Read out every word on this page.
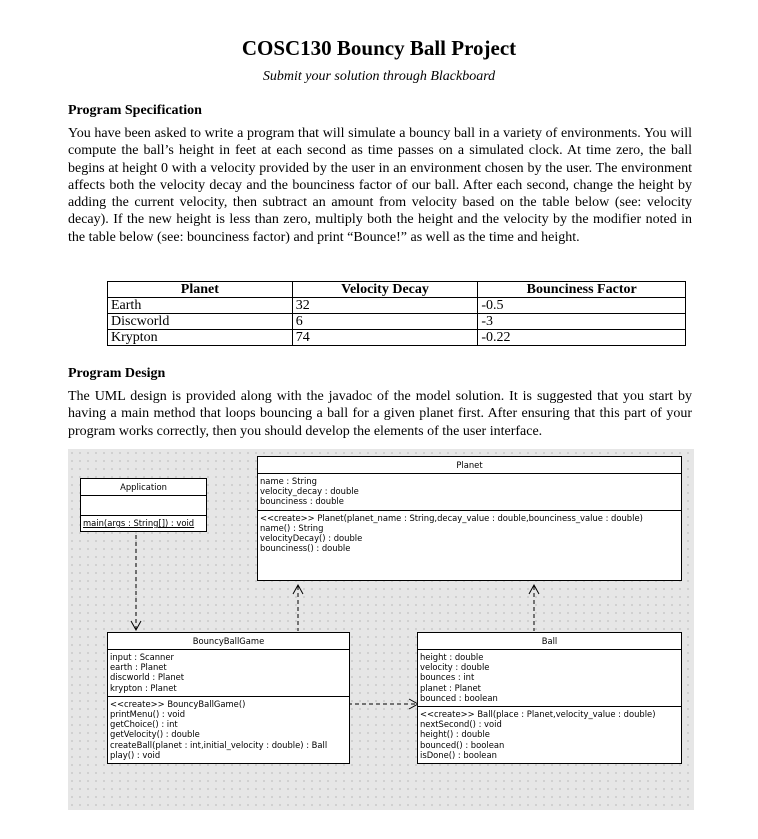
COSC130 Bouncy Ball Project
Submit your solution through Blackboard
Program Specification
You have been asked to write a program that will simulate a bouncy ball in a variety of environments. You will compute the ball’s height in feet at each second as time passes on a simulated clock. At time zero, the ball begins at height 0 with a velocity provided by the user in an environment chosen by the user. The environment affects both the velocity decay and the bounciness factor of our ball. After each second, change the height by adding the current velocity, then subtract an amount from velocity based on the table below (see: velocity decay). If the new height is less than zero, multiply both the height and the velocity by the modifier noted in the table below (see: bounciness factor) and print “Bounce!” as well as the time and height.
Planet	Velocity Decay	Bounciness Factor
Earth	32	-0.5
Discworld	6	-3
Krypton	74	-0.22
Program Design
The UML design is provided along with the javadoc of the model solution. It is suggested that you start by having a main method that loops bouncing a ball for a given planet first. After ensuring that this part of your program works correctly, then you should develop the elements of the user interface.
Application
main(args : String[]) : void
Planet
name : String
velocity_decay : double
bounciness : double
<<create>> Planet(planet_name : String,decay_value : double,bounciness_value : double)
name() : String
velocityDecay() : double
bounciness() : double
BouncyBallGame
input : Scanner
earth : Planet
discworld : Planet
krypton : Planet
<<create>> BouncyBallGame()
printMenu() : void
getChoice() : int
getVelocity() : double
createBall(planet : int,initial_velocity : double) : Ball
play() : void
Ball
height : double
velocity : double
bounces : int
planet : Planet
bounced : boolean
<<create>> Ball(place : Planet,velocity_value : double)
nextSecond() : void
height() : double
bounced() : boolean
isDone() : boolean
